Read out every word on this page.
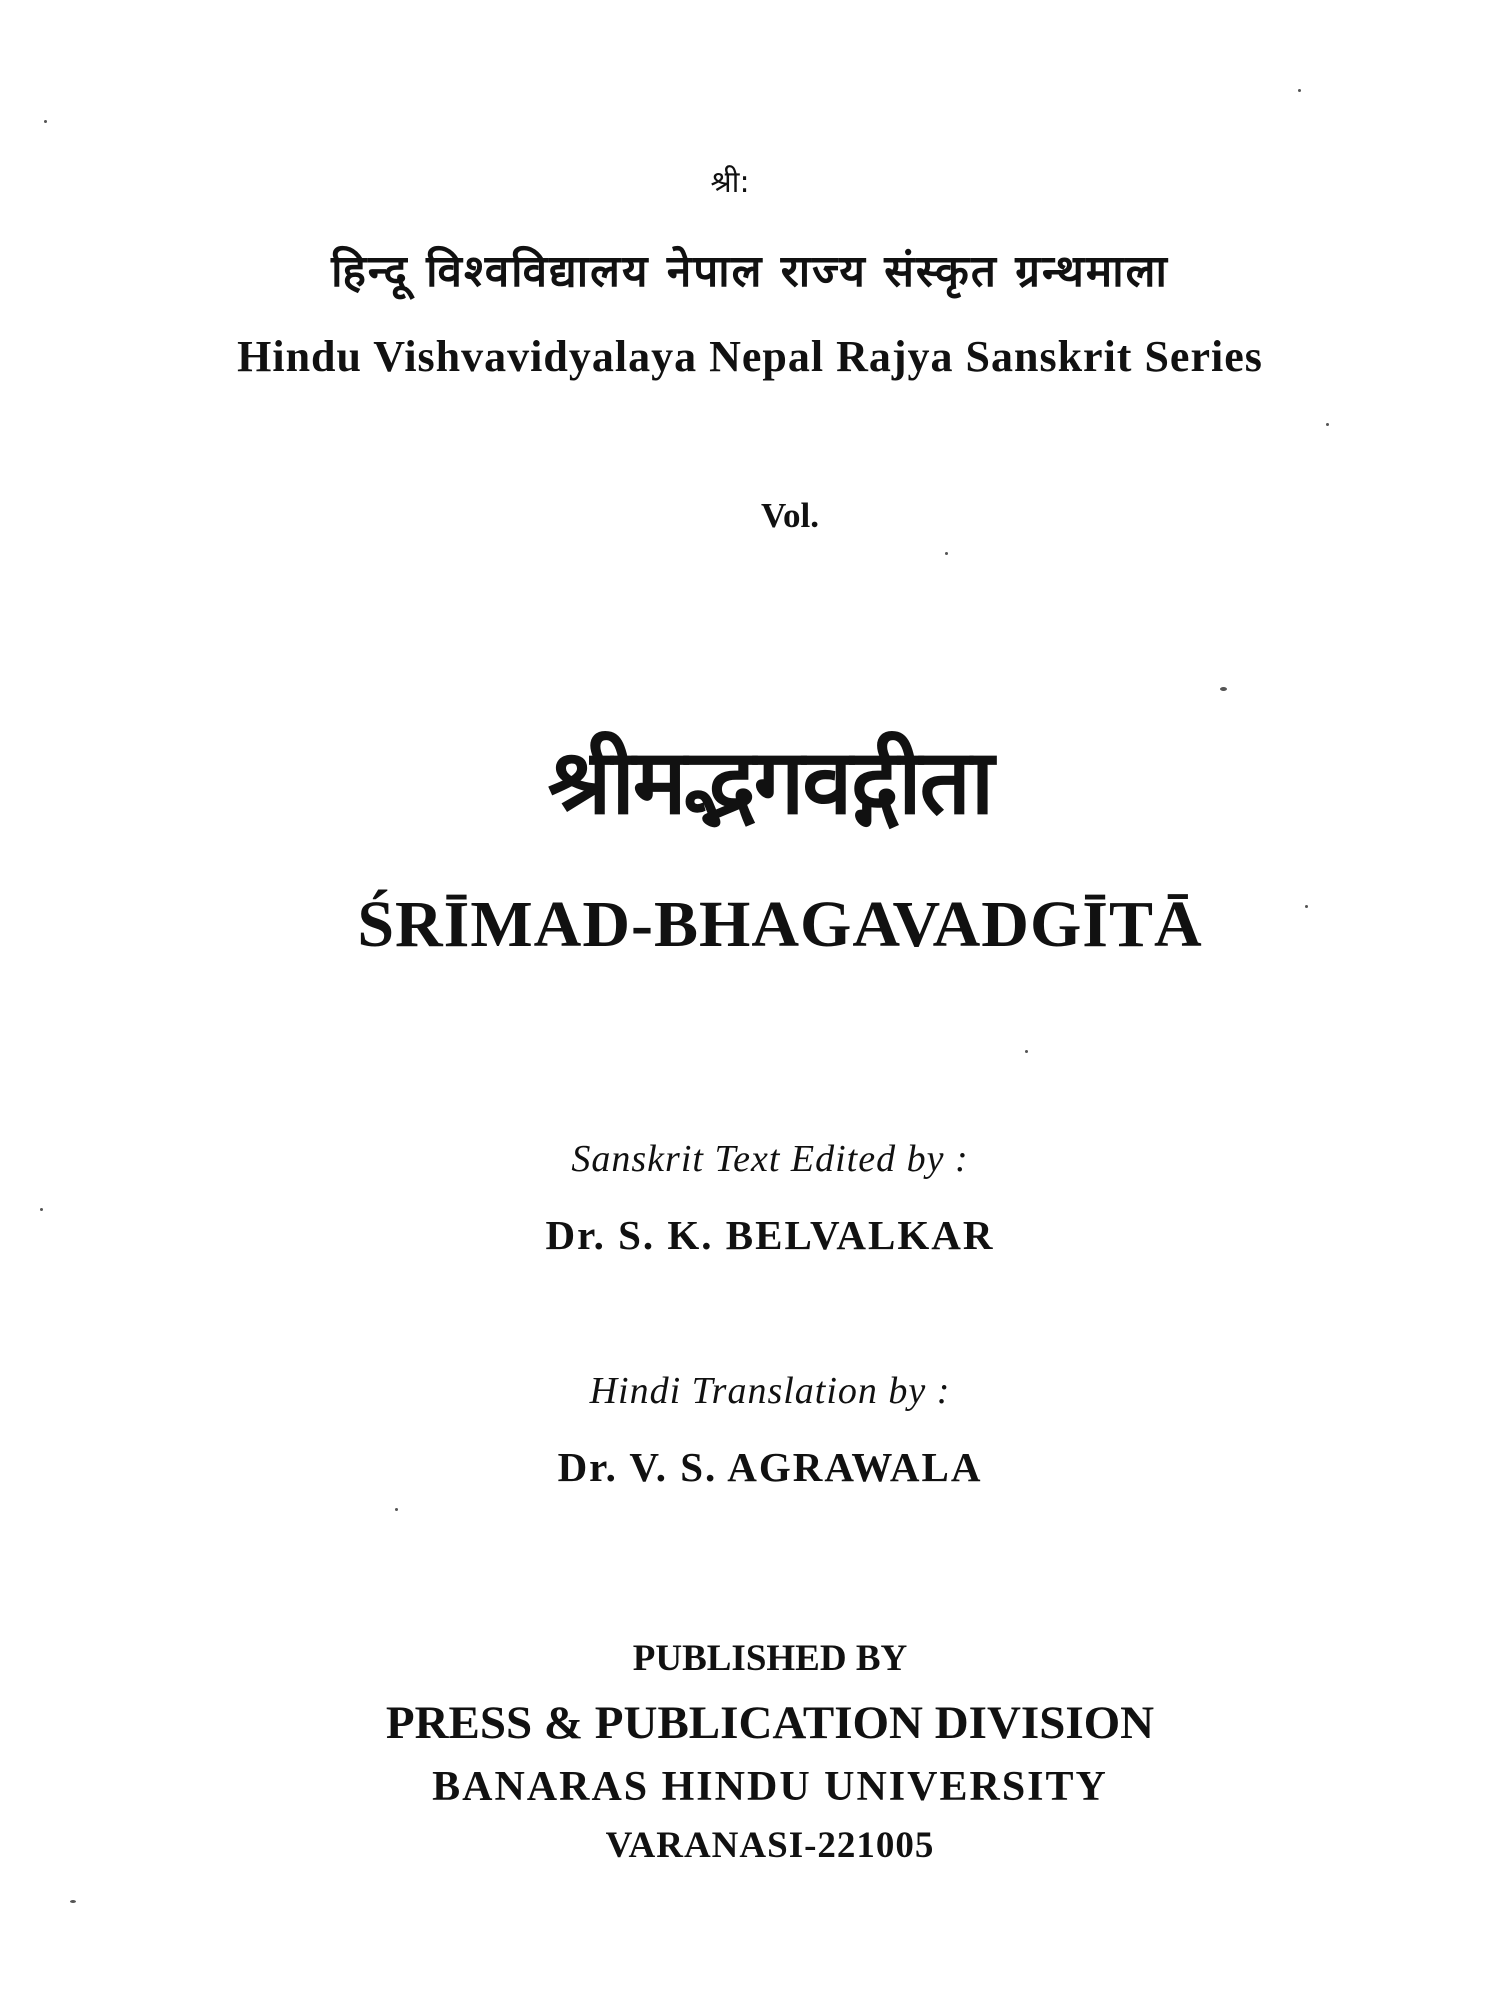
श्री:
हिन्दू विश्वविद्यालय नेपाल राज्य संस्कृत ग्रन्थमाला
Hindu Vishvavidyalaya Nepal Rajya Sanskrit Series
Vol.
श्रीमद्भगवद्गीता
ŚRĪMAD-BHAGAVADGĪTĀ
Sanskrit Text Edited by :
Dr. S. K. BELVALKAR
Hindi Translation by :
Dr. V. S. AGRAWALA
PUBLISHED BY
PRESS & PUBLICATION DIVISION
BANARAS HINDU UNIVERSITY
VARANASI-221005
